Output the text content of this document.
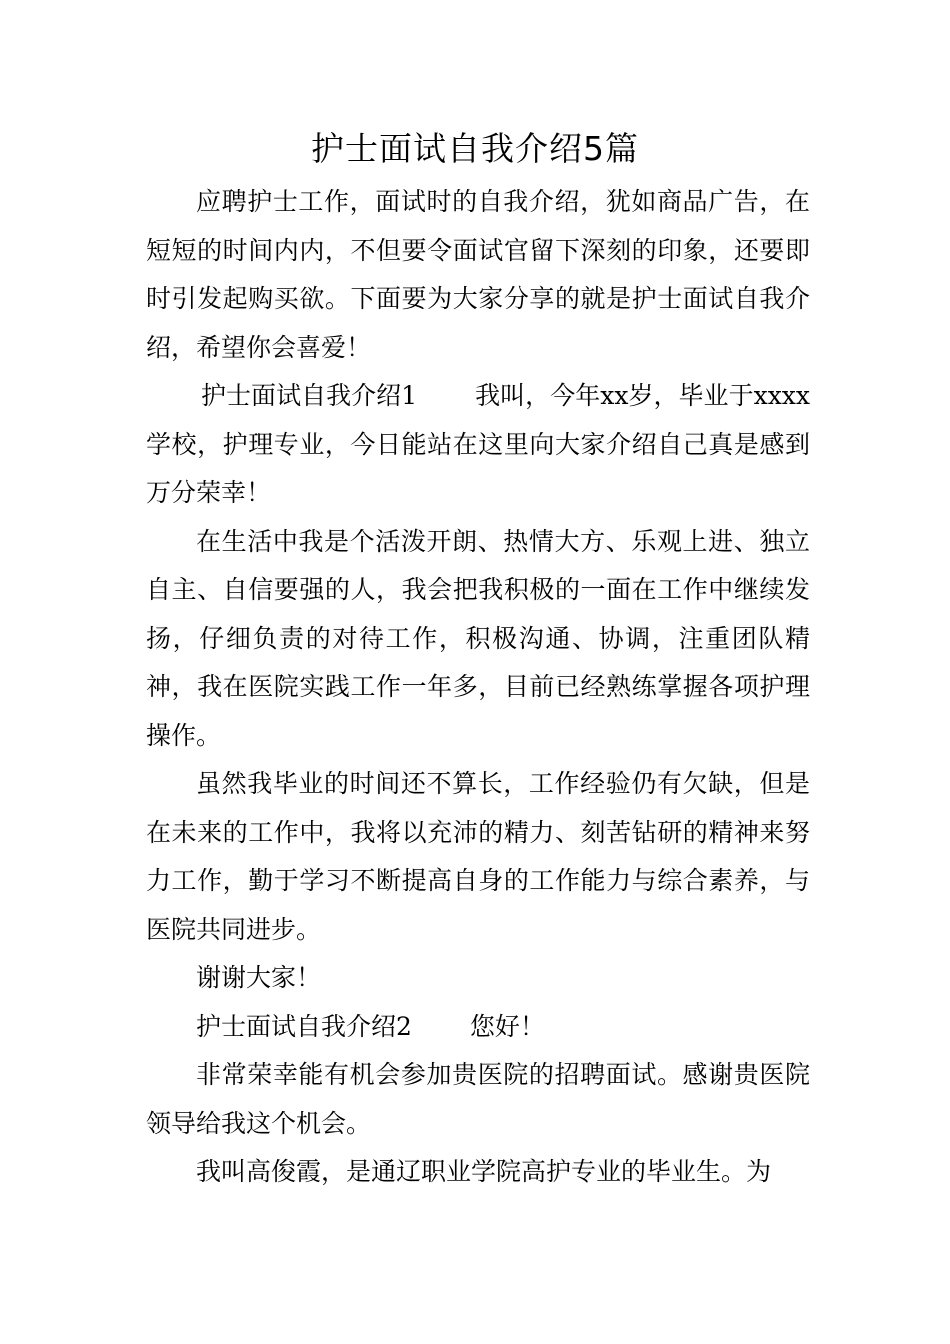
护士面试自我介绍5篇

应聘护士工作，面试时的自我介绍，犹如商品广告，在短短的时间内内，不但要令面试官留下深刻的印象，还要即时引发起购买欲。下面要为大家分享的就是护士面试自我介绍，希望你会喜爱！

护士面试自我介绍1 我叫，今年xx岁，毕业于xxxx学校，护理专业，今日能站在这里向大家介绍自己真是感到万分荣幸！

在生活中我是个活泼开朗、热情大方、乐观上进、独立自主、自信要强的人，我会把我积极的一面在工作中继续发扬，仔细负责的对待工作，积极沟通、协调，注重团队精神，我在医院实践工作一年多，目前已经熟练掌握各项护理操作。

虽然我毕业的时间还不算长，工作经验仍有欠缺，但是在未来的工作中，我将以充沛的精力、刻苦钻研的精神来努力工作，勤于学习不断提高自身的工作能力与综合素养，与医院共同进步。

谢谢大家！

护士面试自我介绍2 您好！

非常荣幸能有机会参加贵医院的招聘面试。感谢贵医院领导给我这个机会。

我叫高俊霞，是通辽职业学院高护专业的毕业生。为
